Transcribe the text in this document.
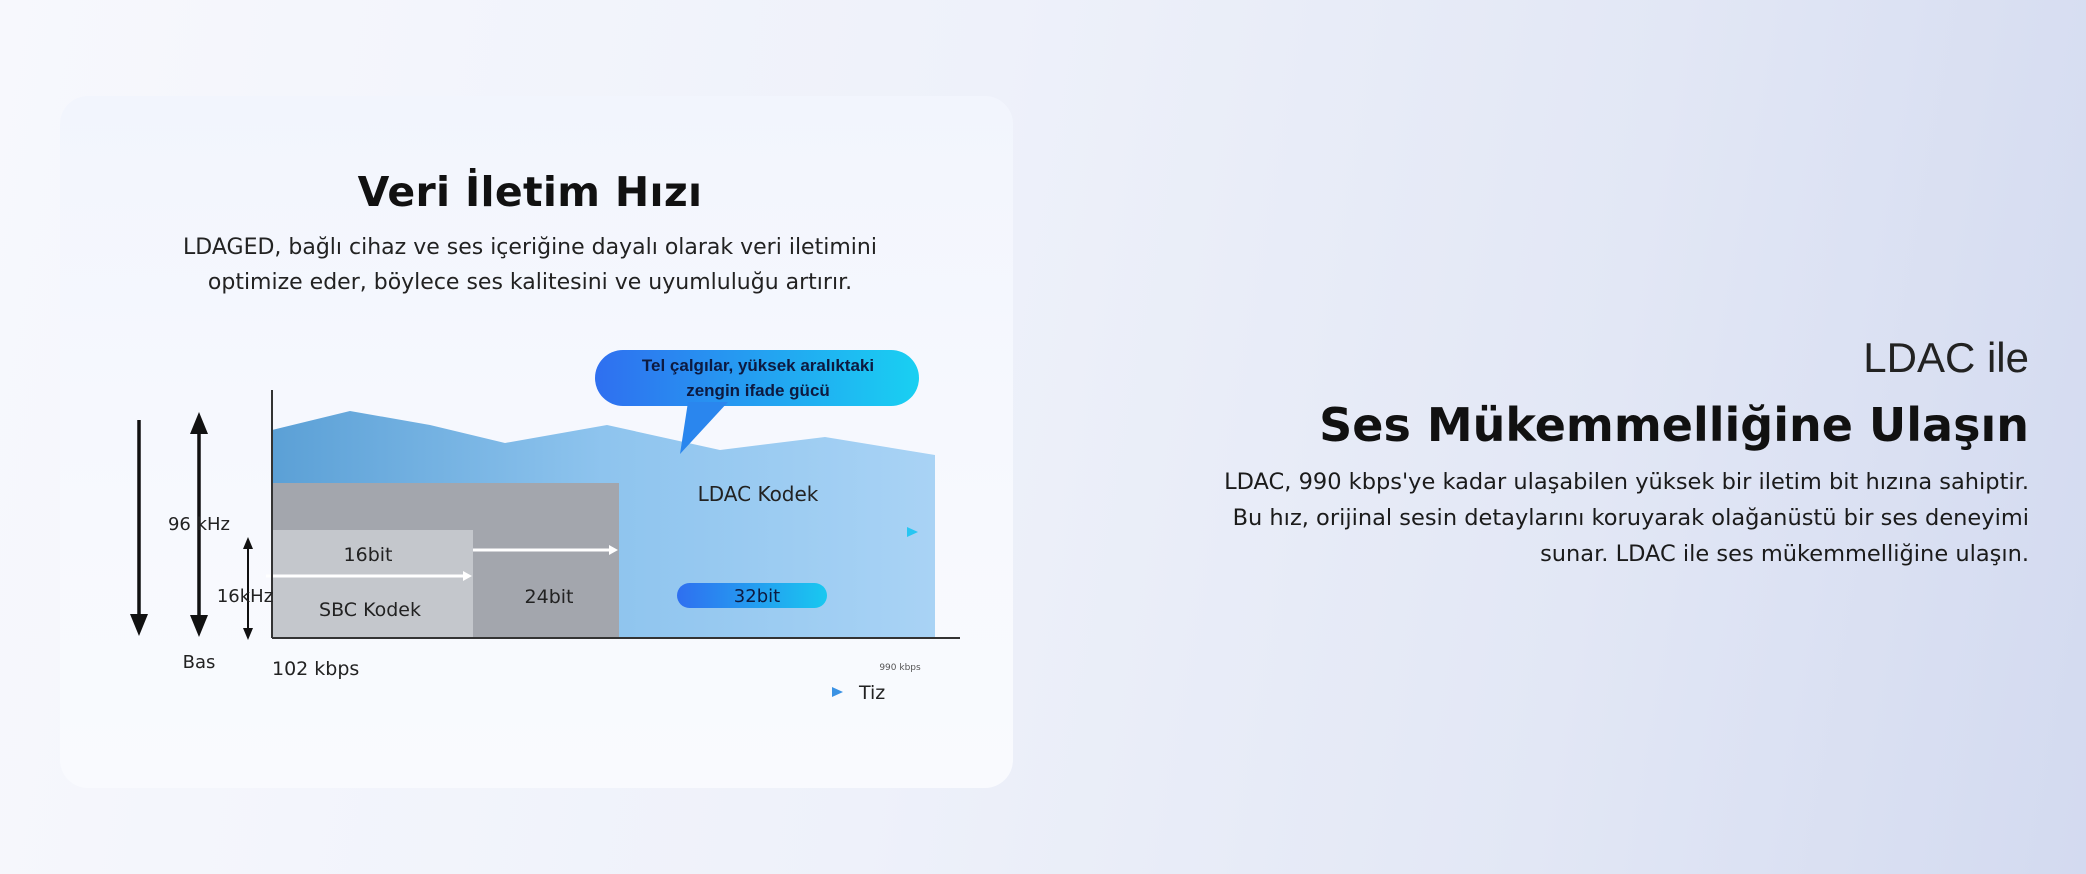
Veri İletim Hızı
LDAGED, bağlı cihaz ve ses içeriğine dayalı olarak veri iletimini
optimize eder, böylece ses kalitesini ve uyumluluğu artırır.
Tel çalgılar, yüksek aralıktaki
zengin ifade gücü
LDAC Kodek
16bit
SBC Kodek
24bit	32bit
96 kHz
16kHz
Bas	102 kbps	990 kbps
Tiz
LDAC ile
Ses Mükemmelliğine Ulaşın
LDAC, 990 kbps'ye kadar ulaşabilen yüksek bir iletim bit hızına sahiptir.
Bu hız, orijinal sesin detaylarını koruyarak olağanüstü bir ses deneyimi
sunar. LDAC ile ses mükemmelliğine ulaşın.
